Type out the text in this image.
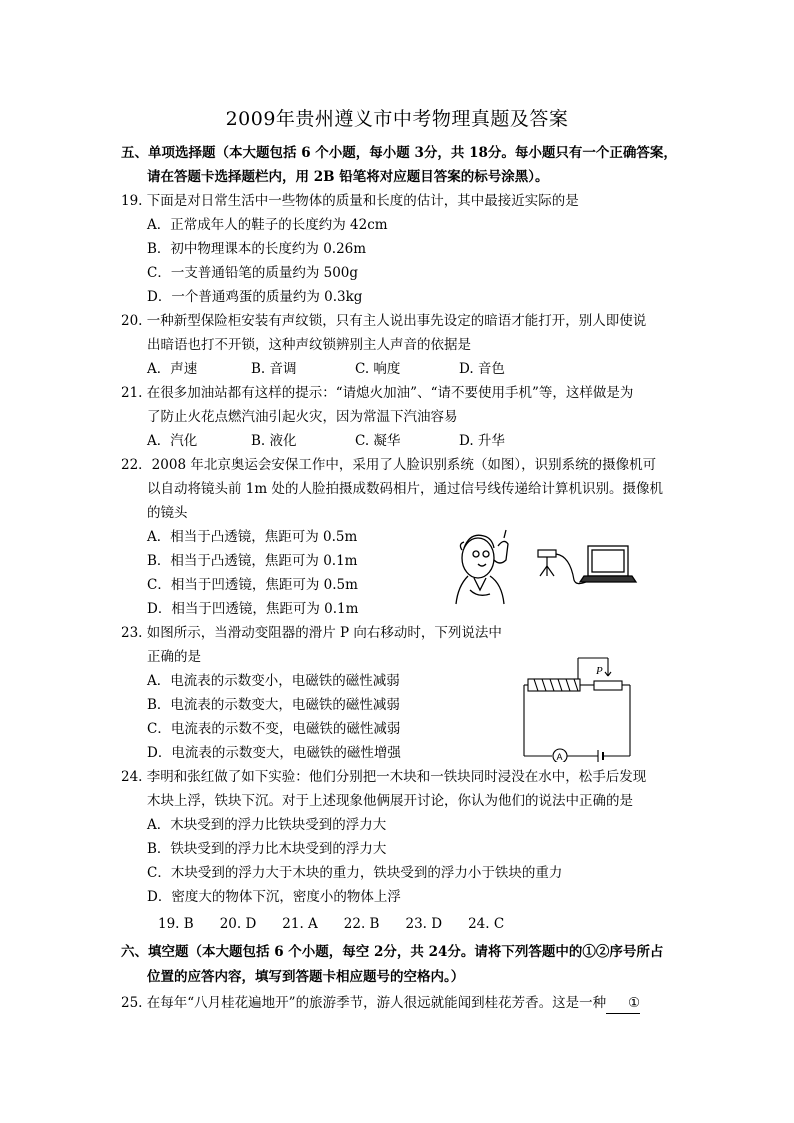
2009年贵州遵义市中考物理真题及答案
五、单项选择题（本大题包括 6 个小题，每小题 3分，共 18分。每小题只有一个正确答案，
请在答题卡选择题栏内，用 2B 铅笔将对应题目答案的标号涂黑）。
19. 下面是对日常生活中一些物体的质量和长度的估计，其中最接近实际的是
A．正常成年人的鞋子的长度约为 42cm
B．初中物理课本的长度约为 0.26m
C．一支普通铅笔的质量约为 500g
D．一个普通鸡蛋的质量约为 0.3kg
20. 一种新型保险柜安装有声纹锁，只有主人说出事先设定的暗语才能打开，别人即使说
出暗语也打不开锁，这种声纹锁辨别主人声音的依据是
A．声速	B. 音调	C. 响度	D. 音色
21. 在很多加油站都有这样的提示：“请熄火加油”、“请不要使用手机”等，这样做是为
了防止火花点燃汽油引起火灾，因为常温下汽油容易
A．汽化	B. 液化	C. 凝华	D. 升华
22．2008 年北京奥运会安保工作中，采用了人脸识别系统（如图），识别系统的摄像机可
以自动将镜头前 1m 处的人脸拍摄成数码相片，通过信号线传递给计算机识别。摄像机
的镜头
A．相当于凸透镜，焦距可为 0.5m
B．相当于凸透镜，焦距可为 0.1m
C．相当于凹透镜，焦距可为 0.5m
D．相当于凹透镜，焦距可为 0.1m
23. 如图所示，当滑动变阻器的滑片 P 向右移动时，下列说法中
正确的是
A．电流表的示数变小，电磁铁的磁性减弱
B．电流表的示数变大，电磁铁的磁性减弱
C．电流表的示数不变，电磁铁的磁性减弱
D．电流表的示数变大，电磁铁的磁性增强
P
A
24. 李明和张红做了如下实验：他们分别把一木块和一铁块同时浸没在水中，松手后发现
木块上浮，铁块下沉。对于上述现象他俩展开讨论，你认为他们的说法中正确的是
A．木块受到的浮力比铁块受到的浮力大
B．铁块受到的浮力比木块受到的浮力大
C．木块受到的浮力大于木块的重力，铁块受到的浮力小于铁块的重力
D．密度大的物体下沉，密度小的物体上浮
19. B 20. D 21. A 22. B 23. D 24. C
六、填空题（本大题包括 6 个小题，每空 2分，共 24分。请将下列答题中的①②序号所占
位置的应答内容，填写到答题卡相应题号的空格内。）
25. 在每年“八月桂花遍地开”的旅游季节，游人很远就能闻到桂花芳香。这是一种 ①
